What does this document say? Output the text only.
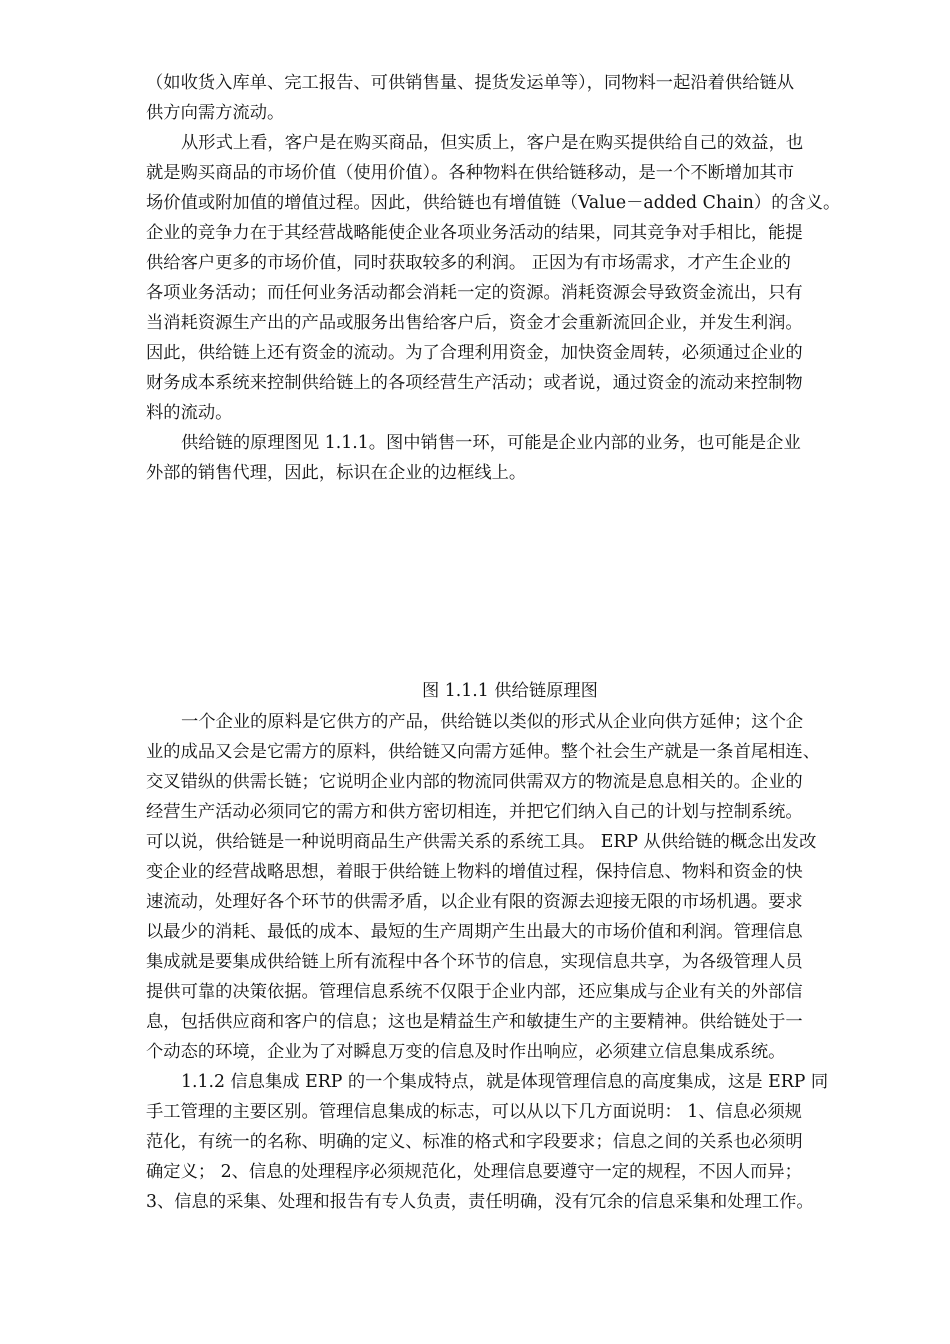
（如收货入库单、完工报告、可供销售量、提货发运单等），同物料一起沿着供给链从
供方向需方流动。
从形式上看，客户是在购买商品，但实质上，客户是在购买提供给自己的效益，也
就是购买商品的市场价值（使用价值）。各种物料在供给链移动，是一个不断增加其市
场价值或附加值的增值过程。因此，供给链也有增值链（Value－added Chain）的含义。
企业的竞争力在于其经营战略能使企业各项业务活动的结果，同其竞争对手相比，能提
供给客户更多的市场价值，同时获取较多的利润。 正因为有市场需求，才产生企业的
各项业务活动；而任何业务活动都会消耗一定的资源。消耗资源会导致资金流出，只有
当消耗资源生产出的产品或服务出售给客户后，资金才会重新流回企业，并发生利润。
因此，供给链上还有资金的流动。为了合理利用资金，加快资金周转，必须通过企业的
财务成本系统来控制供给链上的各项经营生产活动；或者说，通过资金的流动来控制物
料的流动。
供给链的原理图见 1.1.1。图中销售一环，可能是企业内部的业务，也可能是企业
外部的销售代理，因此，标识在企业的边框线上。
图 1.1.1 供给链原理图
一个企业的原料是它供方的产品，供给链以类似的形式从企业向供方延伸；这个企
业的成品又会是它需方的原料，供给链又向需方延伸。整个社会生产就是一条首尾相连、
交叉错纵的供需长链；它说明企业内部的物流同供需双方的物流是息息相关的。企业的
经营生产活动必须同它的需方和供方密切相连，并把它们纳入自己的计划与控制系统。
可以说，供给链是一种说明商品生产供需关系的系统工具。 ERP 从供给链的概念出发改
变企业的经营战略思想，着眼于供给链上物料的增值过程，保持信息、物料和资金的快
速流动，处理好各个环节的供需矛盾，以企业有限的资源去迎接无限的市场机遇。要求
以最少的消耗、最低的成本、最短的生产周期产生出最大的市场价值和利润。管理信息
集成就是要集成供给链上所有流程中各个环节的信息，实现信息共享，为各级管理人员
提供可靠的决策依据。管理信息系统不仅限于企业内部，还应集成与企业有关的外部信
息，包括供应商和客户的信息；这也是精益生产和敏捷生产的主要精神。供给链处于一
个动态的环境，企业为了对瞬息万变的信息及时作出响应，必须建立信息集成系统。
1.1.2 信息集成 ERP 的一个集成特点，就是体现管理信息的高度集成，这是 ERP 同
手工管理的主要区别。管理信息集成的标志，可以从以下几方面说明： 1、信息必须规
范化，有统一的名称、明确的定义、标准的格式和字段要求；信息之间的关系也必须明
确定义； 2、信息的处理程序必须规范化，处理信息要遵守一定的规程，不因人而异；
3、信息的采集、处理和报告有专人负责，责任明确，没有冗余的信息采集和处理工作。
